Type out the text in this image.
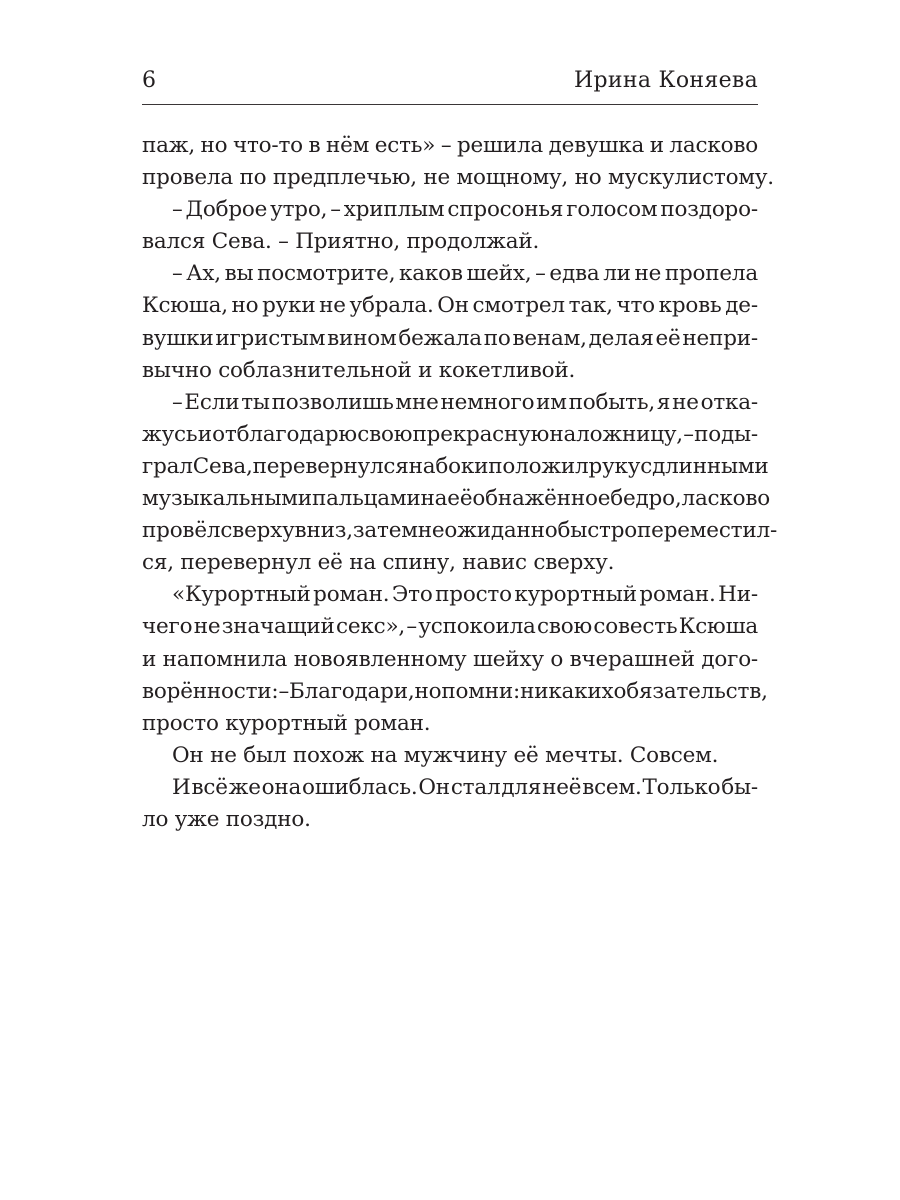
6	Ирина Коняева
паж, но что-то в нём есть» – решила девушка и ласково
провела по предплечью, не мощному, но мускулистому.
– Доброе утро, – хриплым спросонья голосом поздоро-
вался Сева. – Приятно, продолжай.
– Ах, вы посмотрите, каков шейх, – едва ли не пропела
Ксюша, но руки не убрала. Он смотрел так, что кровь де-
вушки игристым вином бежала по венам, делая её непри-
вычно соблазнительной и кокетливой.
– Если ты позволишь мне немного им побыть, я не отка-
жусь и отблагодарю свою прекрасную наложницу, – поды-
грал Сева, перевернулся на бок и положил руку с длинными
музыкальными пальцами на её обнажённое бедро, ласково
провёл сверху вниз, затем неожиданно быстро переместил-
ся, перевернул её на спину, навис сверху.
«Курортный роман. Это просто курортный роман. Ни-
чего не значащий секс», – успокоила свою совесть Ксюша
и напомнила новоявленному шейху о вчерашней дого-
ворённости: – Благодари, но помни: никаких обязательств,
просто курортный роман.
Он не был похож на мужчину её мечты. Совсем.
И всё же она ошиблась. Он стал для неё всем. Только бы-
ло уже поздно.
